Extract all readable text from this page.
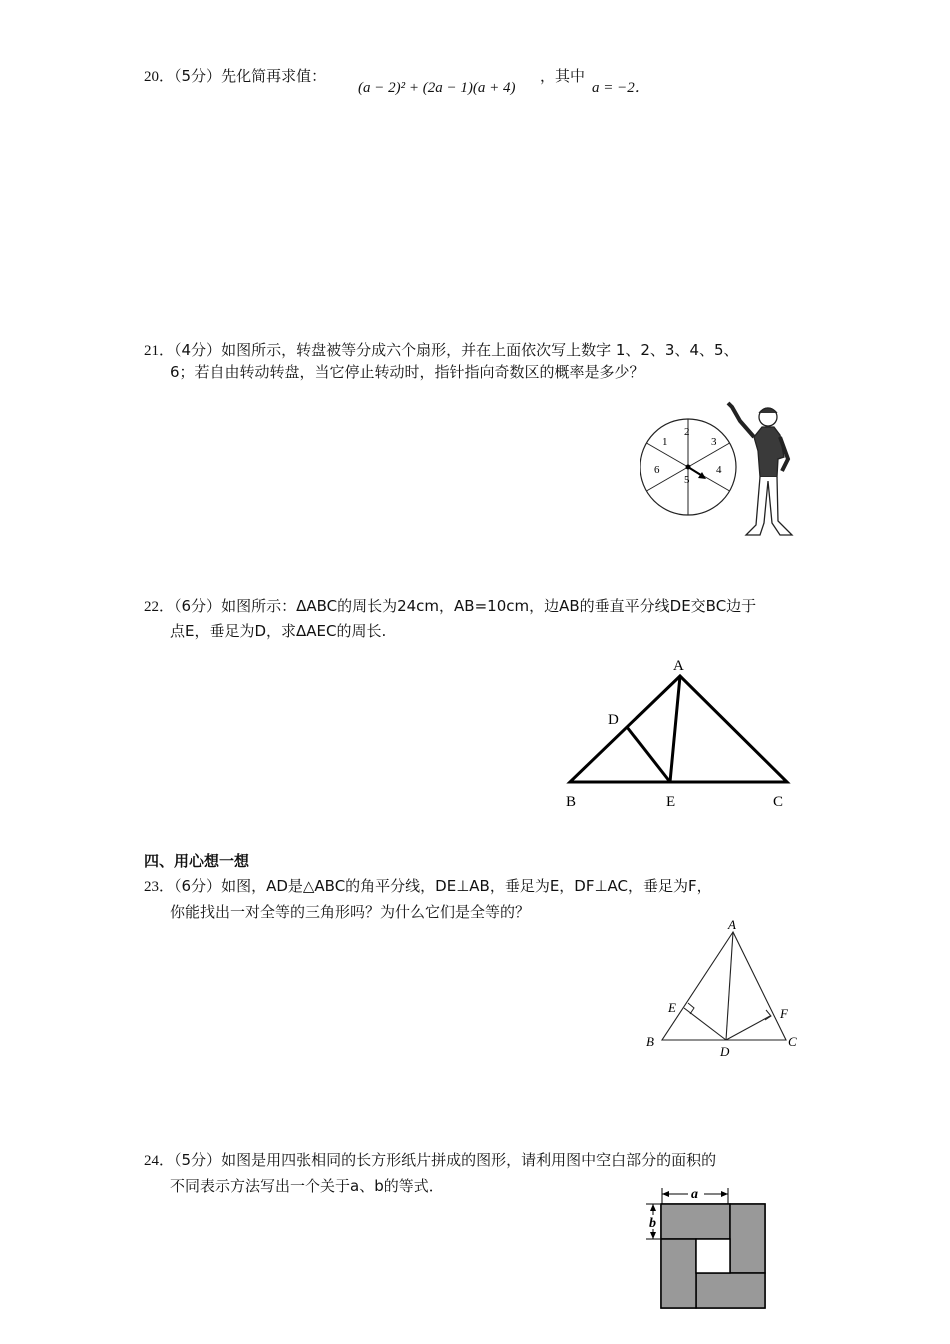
20．（5分）先化简再求值：
(a − 2)² + (2a − 1)(a + 4)
，其中
a = −2．
21．（4分）如图所示，转盘被等分成六个扇形，并在上面依次写上数字 1、2、3、4、5、
6；若自由转动转盘，当它停止转动时，指针指向奇数区的概率是多少？
1
2
3
4
5
6
22．（6分）如图所示：ΔABC的周长为24cm，AB=10cm，边AB的垂直平分线DE交BC边于
点E，垂足为D，求ΔAEC的周长.
A
D
B	E	C
四、用心想一想
23．（6分）如图，AD是△ABC的角平分线，DE⊥AB，垂足为E，DF⊥AC，垂足为F，
你能找出一对全等的三角形吗？为什么它们是全等的？
A
E	F
B
D
C
24．（5分）如图是用四张相同的长方形纸片拼成的图形，请利用图中空白部分的面积的
不同表示方法写出一个关于a、b的等式．	a
b
